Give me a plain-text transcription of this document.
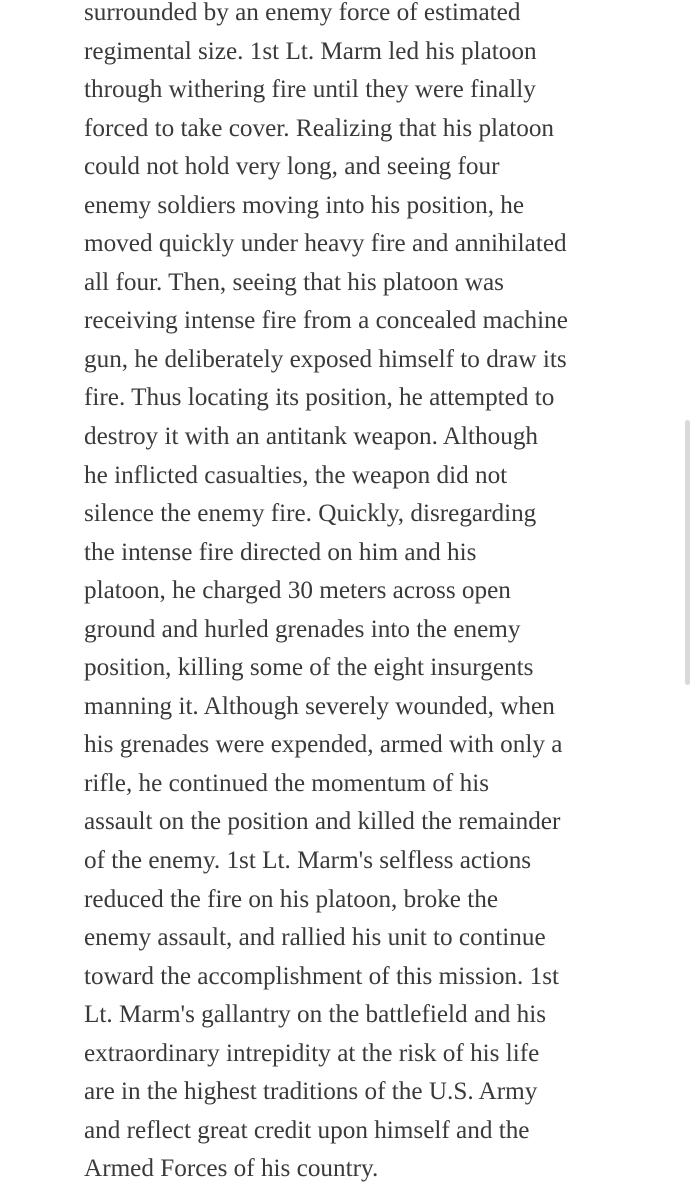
surrounded by an enemy force of estimated
regimental size. 1st Lt. Marm led his platoon
through withering fire until they were finally
forced to take cover. Realizing that his platoon
could not hold very long, and seeing four
enemy soldiers moving into his position, he
moved quickly under heavy fire and annihilated
all four. Then, seeing that his platoon was
receiving intense fire from a concealed machine
gun, he deliberately exposed himself to draw its
fire. Thus locating its position, he attempted to
destroy it with an antitank weapon. Although
he inflicted casualties, the weapon did not
silence the enemy fire. Quickly, disregarding
the intense fire directed on him and his
platoon, he charged 30 meters across open
ground and hurled grenades into the enemy
position, killing some of the eight insurgents
manning it. Although severely wounded, when
his grenades were expended, armed with only a
rifle, he continued the momentum of his
assault on the position and killed the remainder
of the enemy. 1st Lt. Marm's selfless actions
reduced the fire on his platoon, broke the
enemy assault, and rallied his unit to continue
toward the accomplishment of this mission. 1st
Lt. Marm's gallantry on the battlefield and his
extraordinary intrepidity at the risk of his life
are in the highest traditions of the U.S. Army
and reflect great credit upon himself and the
Armed Forces of his country.
